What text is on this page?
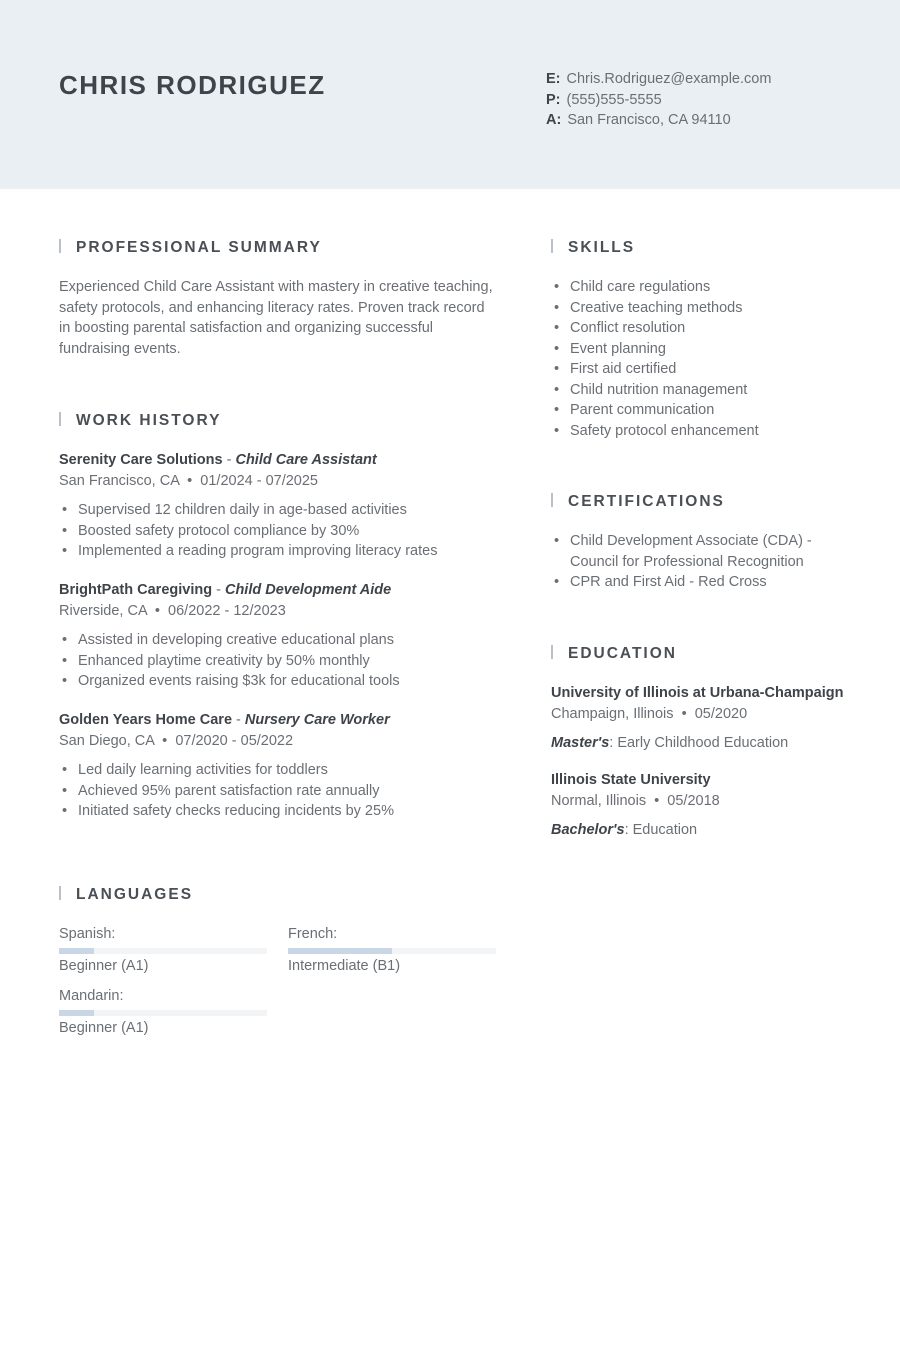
CHRIS RODRIGUEZ	E: Chris.Rodriguez@example.com
P: (555)555-5555
A: San Francisco, CA 94110
PROFESSIONAL SUMMARY
Experienced Child Care Assistant with mastery in creative teaching, safety protocols, and enhancing literacy rates. Proven track record in boosting parental satisfaction and organizing successful fundraising events.
WORK HISTORY
Serenity Care Solutions - Child Care Assistant
San Francisco, CA  •  01/2024 - 07/2025
• Supervised 12 children daily in age-based activities
• Boosted safety protocol compliance by 30%
• Implemented a reading program improving literacy rates
BrightPath Caregiving - Child Development Aide
Riverside, CA  •  06/2022 - 12/2023
• Assisted in developing creative educational plans
• Enhanced playtime creativity by 50% monthly
• Organized events raising $3k for educational tools
Golden Years Home Care - Nursery Care Worker
San Diego, CA  •  07/2020 - 05/2022
• Led daily learning activities for toddlers
• Achieved 95% parent satisfaction rate annually
• Initiated safety checks reducing incidents by 25%
SKILLS
• Child care regulations
• Creative teaching methods
• Conflict resolution
• Event planning
• First aid certified
• Child nutrition management
• Parent communication
• Safety protocol enhancement
CERTIFICATIONS
• Child Development Associate (CDA) - Council for Professional Recognition
• CPR and First Aid - Red Cross
EDUCATION
University of Illinois at Urbana-Champaign
Champaign, Illinois  •  05/2020
Master's: Early Childhood Education
Illinois State University
Normal, Illinois  •  05/2018
Bachelor's: Education
LANGUAGES
Spanish:
Beginner (A1)
French:
Intermediate (B1)
Mandarin:
Beginner (A1)
